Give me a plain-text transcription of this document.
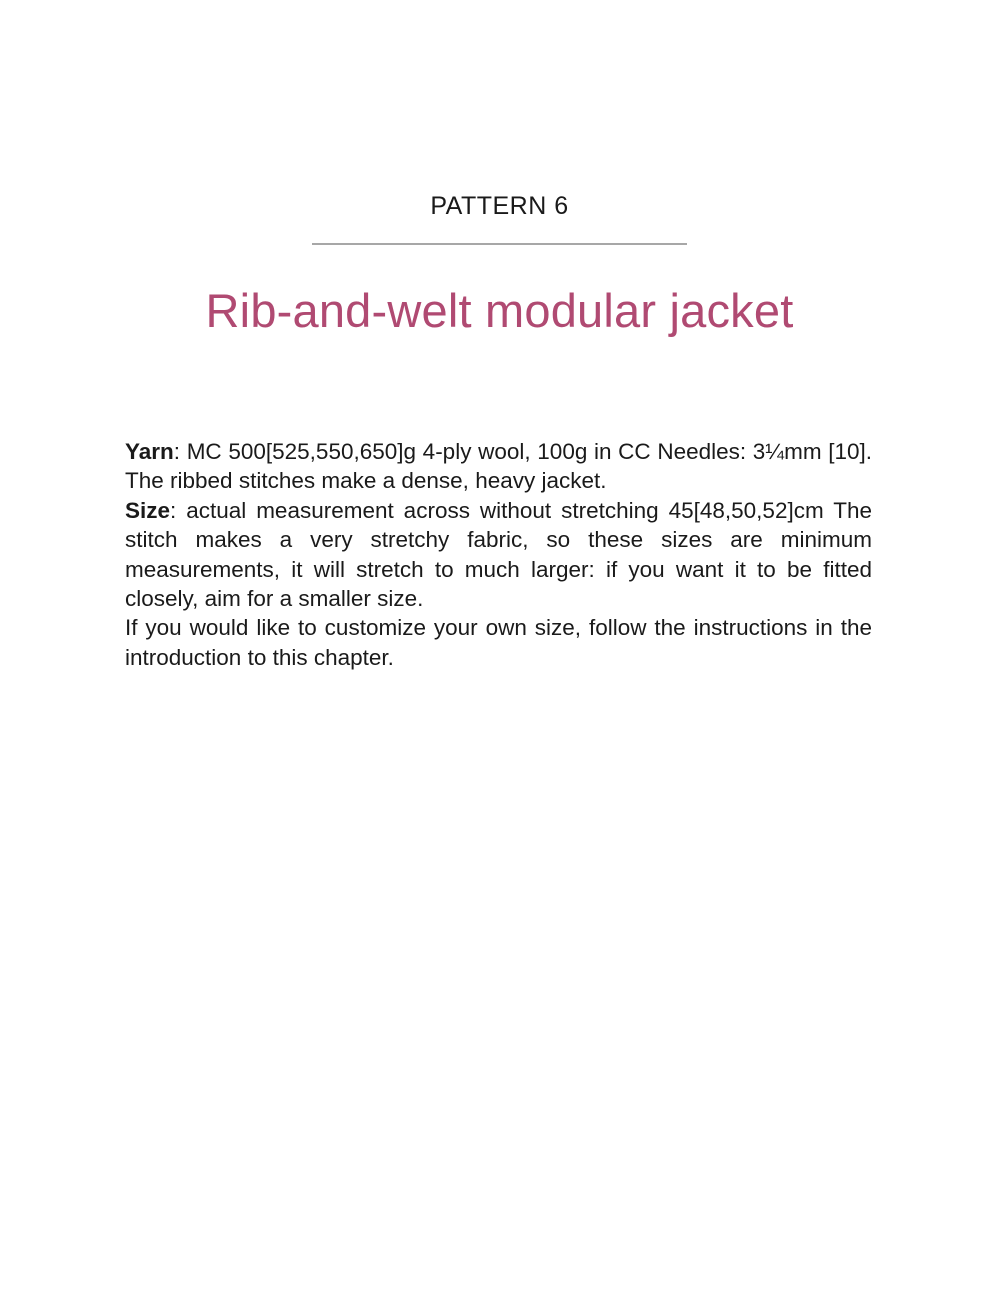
PATTERN 6
Rib-and-welt modular jacket

Yarn: MC 500[525,550,650]g 4-ply wool, 100g in CC Needles: 3¼mm [10]. The ribbed stitches make a dense, heavy jacket.

Size: actual measurement across without stretching 45[48,50,52]cm The stitch makes a very stretchy fabric, so these sizes are minimum measurements, it will stretch to much larger: if you want it to be fitted closely, aim for a smaller size.

If you would like to customize your own size, follow the instructions in the introduction to this chapter.
